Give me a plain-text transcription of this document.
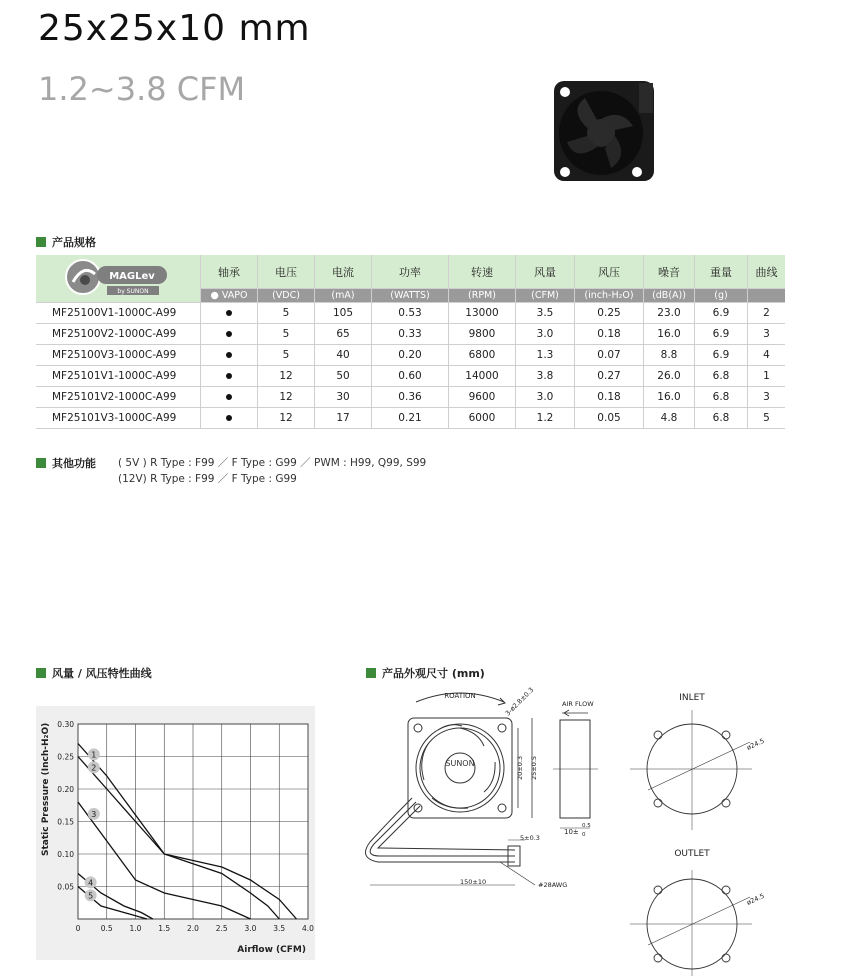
25x25x10 mm
1.2~3.8 CFM
产品规格
MAGLev
by SUNON	轴承	电压	电流	功率	转速	风量	风压	噪音	重量	曲线
	● VAPO	(VDC)	(mA)	(WATTS)	(RPM)	(CFM)	(inch-H₂O)	(dB(A))	(g)	
MF25100V1-1000C-A99		5	105	0.53	13000	3.5	0.25	23.0	6.9	2
MF25100V2-1000C-A99		5	65	0.33	9800	3.0	0.18	16.0	6.9	3
MF25100V3-1000C-A99		5	40	0.20	6800	1.3	0.07	8.8	6.9	4
MF25101V1-1000C-A99		12	50	0.60	14000	3.8	0.27	26.0	6.8	1
MF25101V2-1000C-A99		12	30	0.36	9600	3.0	0.18	16.0	6.8	3
MF25101V3-1000C-A99		12	17	0.21	6000	1.2	0.05	4.8	6.8	5
其他功能 ( 5V ) R Type : F99 ／ F Type : G99 ／ PWM : H99, Q99, S99
(12V) R Type : F99 ／ F Type : G99
风量 / 风压特性曲线
0.30
0.25
0.20
0.15
0.10
0.05
0	0.5 1.0 1.5 2.0 2.5 3.0 3.5 4.0
1
2
3
4
5
Static Pressure (Inch-H₂O)
Airflow (CFM)
产品外观尺寸 (mm)
ROATION	3-ø2.8±0.3
SUNON	20±0.3 25±0.5
AIR FLOW
10±
0.5
0
5±0.3
150±10	#28AWG
INLET
ø24.5
OUTLET
ø24.5
